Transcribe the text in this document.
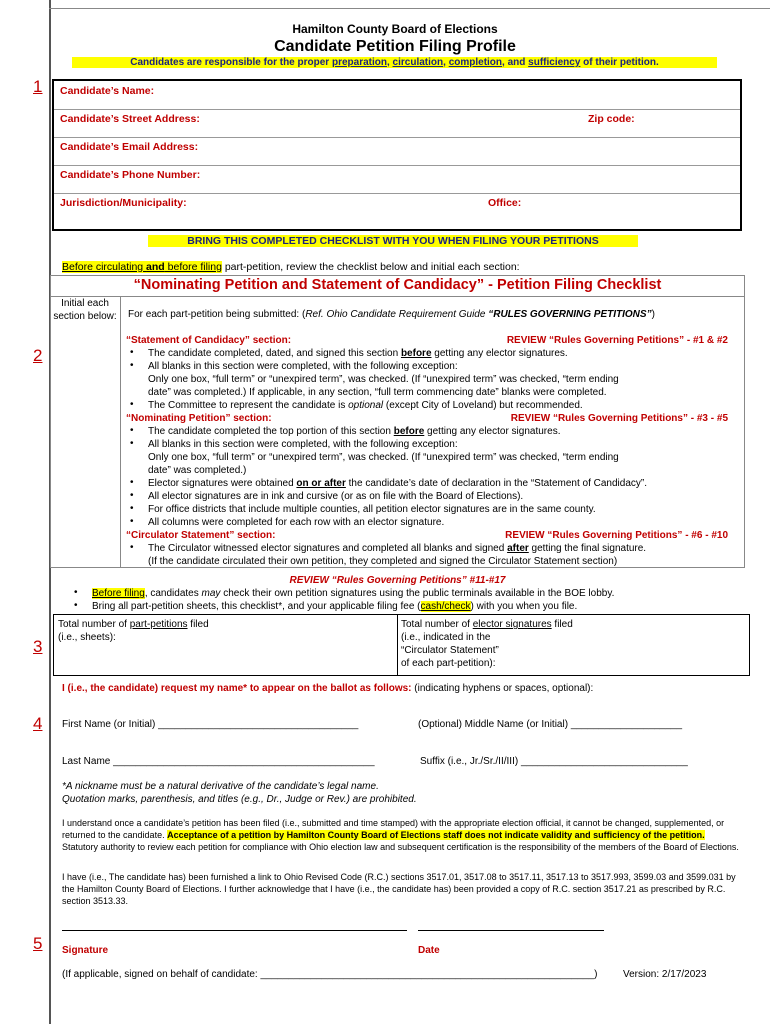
Hamilton County Board of Elections
Candidate Petition Filing Profile
Candidates are responsible for the proper preparation, circulation, completion, and sufficiency of their petition.
1
2
3
4
5
Candidate’s Name:
Candidate’s Street Address:	Zip code:
Candidate’s Email Address:
Candidate’s Phone Number:
Jurisdiction/Municipality:	Office:
BRING THIS COMPLETED CHECKLIST WITH YOU WHEN FILING YOUR PETITIONS
Before circulating and before filing part-petition, review the checklist below and initial each section:
“Nominating Petition and Statement of Candidacy” - Petition Filing Checklist
Initial each section below: For each part-petition being submitted: (Ref. Ohio Candidate Requirement Guide “RULES GOVERNING PETITIONS”)
“Statement of Candidacy” section:	REVIEW “Rules Governing Petitions” - #1 & #2
• The candidate completed, dated, and signed this section before getting any elector signatures.
• All blanks in this section were completed, with the following exception:
Only one box, “full term” or “unexpired term”, was checked. (If “unexpired term” was checked, “term ending
date” was completed.) If applicable, in any section, “full term commencing date” blanks were completed.
• The Committee to represent the candidate is optional (except City of Loveland) but recommended.
“Nominating Petition” section:	REVIEW “Rules Governing Petitions” - #3 - #5
• The candidate completed the top portion of this section before getting any elector signatures.
• All blanks in this section were completed, with the following exception:
Only one box, “full term” or “unexpired term”, was checked. (If “unexpired term” was checked, “term ending
date” was completed.)
• Elector signatures were obtained on or after the candidate’s date of declaration in the “Statement of Candidacy”.
• All elector signatures are in ink and cursive (or as on file with the Board of Elections).
• For office districts that include multiple counties, all petition elector signatures are in the same county.
• All columns were completed for each row with an elector signature.
“Circulator Statement” section:	REVIEW “Rules Governing Petitions” - #6 - #10
• The Circulator witnessed elector signatures and completed all blanks and signed after getting the final signature.
(If the candidate circulated their own petition, they completed and signed the Circulator Statement section)
REVIEW “Rules Governing Petitions” #11-#17
• Before filing, candidates may check their own petition signatures using the public terminals available in the BOE lobby.
• Bring all part-petition sheets, this checklist*, and your applicable filing fee (cash/check) with you when you file.
Total number of part-petitions filed
(i.e., sheets):
Total number of elector signatures filed
(i.e., indicated in the
“Circulator Statement”
of each part-petition):
I (i.e., the candidate) request my name* to appear on the ballot as follows: (indicating hyphens or spaces, optional):
First Name (or Initial) ____________________________________	(Optional) Middle Name (or Initial) ____________________
Last Name _______________________________________________	Suffix (i.e., Jr./Sr./II/III) ______________________________
*A nickname must be a natural derivative of the candidate’s legal name.
Quotation marks, parenthesis, and titles (e.g., Dr., Judge or Rev.) are prohibited.
I understand once a candidate’s petition has been filed (i.e., submitted and time stamped) with the appropriate election official, it cannot be changed, supplemented, or returned to the candidate. Acceptance of a petition by Hamilton County Board of Elections staff does not indicate validity and sufficiency of the petition. Statutory authority to review each petition for compliance with Ohio election law and subsequent certification is the responsibility of the members of the Board of Elections.
I have (i.e., The candidate has) been furnished a link to Ohio Revised Code (R.C.) sections 3517.01, 3517.08 to 3517.11, 3517.13 to 3517.993, 3599.03 and 3599.031 by the Hamilton County Board of Elections. I further acknowledge that I have (i.e., the candidate has) been provided a copy of R.C. section 3517.21 as prescribed by R.C. section 3513.33.
Signature	Date
(If applicable, signed on behalf of candidate: ____________________________________________________________)	Version: 2/17/2023
